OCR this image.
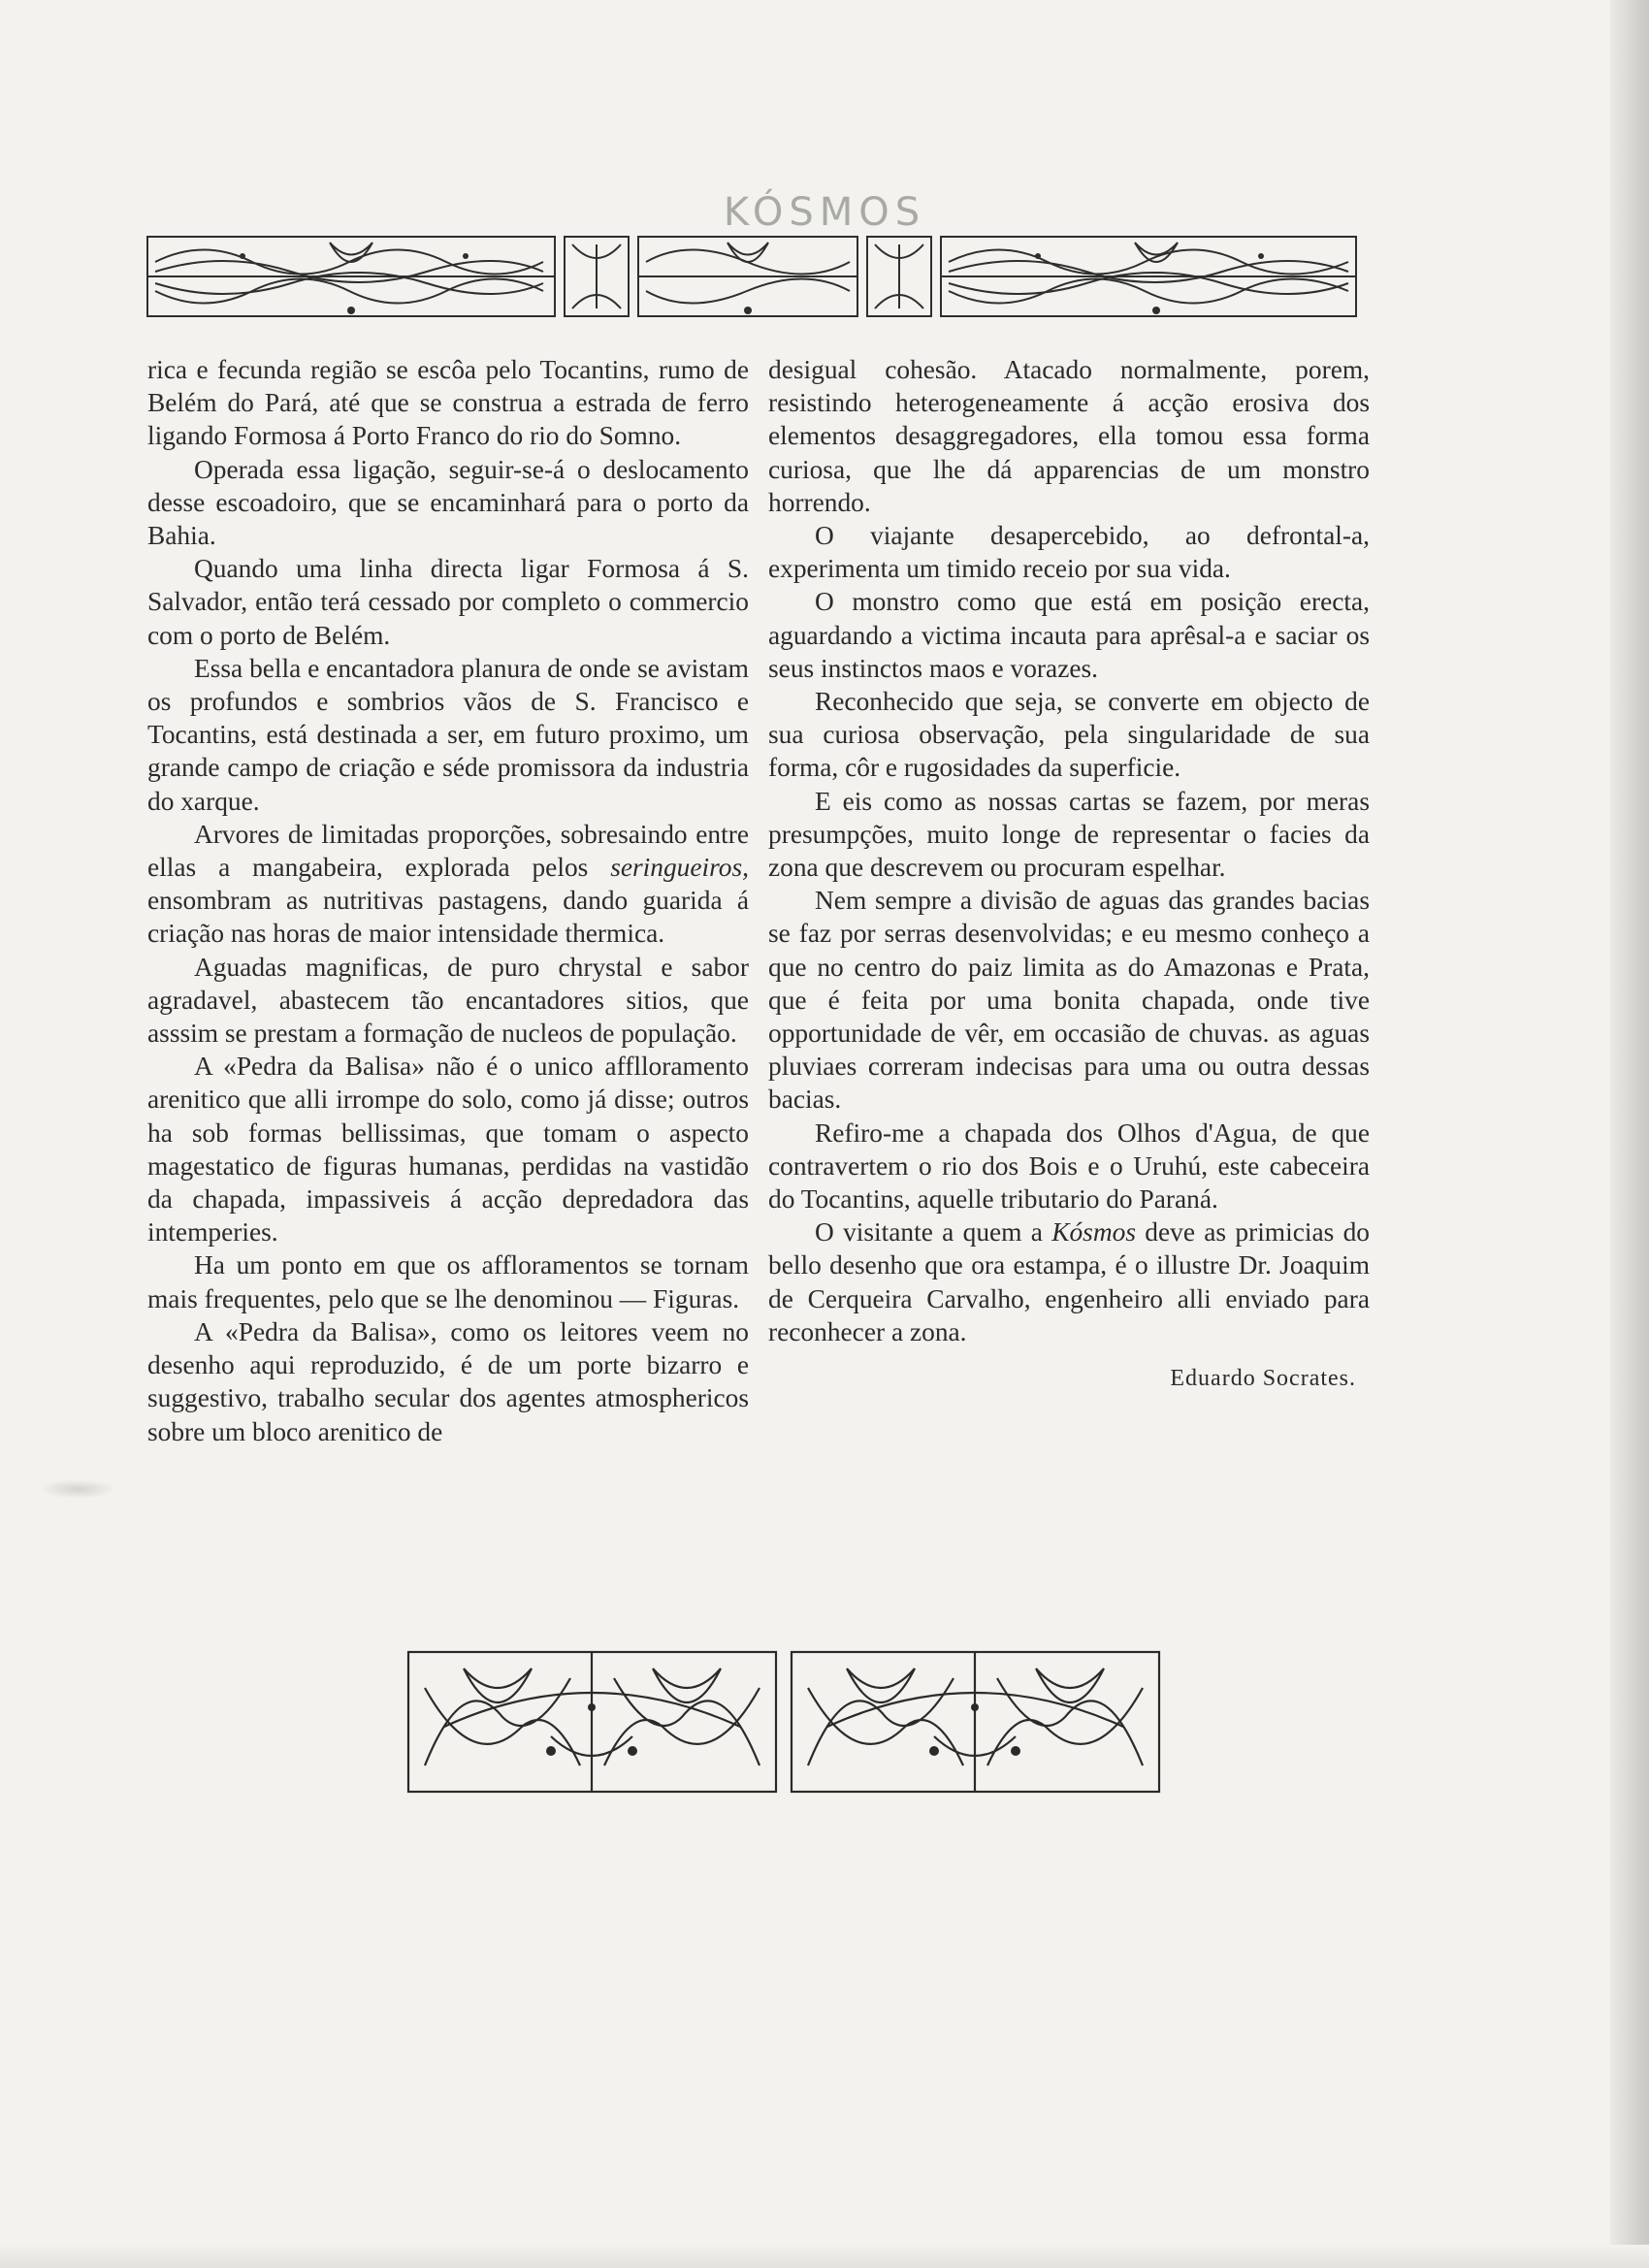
KÓSMOS

rica e fecunda região se escôa pelo Tocantins, rumo de Belém do Pará, até que se construa a estrada de ferro ligando Formosa á Porto Franco do rio do Somno.

Operada essa ligação, seguir-se-á o deslocamento desse escoadoiro, que se encaminhará para o porto da Bahia.

Quando uma linha directa ligar Formosa á S. Salvador, então terá cessado por completo o commercio com o porto de Belém.

Essa bella e encantadora planura de onde se avistam os profundos e sombrios vãos de S. Francisco e Tocantins, está destinada a ser, em futuro proximo, um grande campo de criação e séde promissora da industria do xarque.

Arvores de limitadas proporções, sobresaindo entre ellas a mangabeira, explorada pelos seringueiros, ensombram as nutritivas pastagens, dando guarida á criação nas horas de maior intensidade thermica.

Aguadas magnificas, de puro chrystal e sabor agradavel, abastecem tão encantadores sitios, que asssim se prestam a formação de nucleos de população.

A «Pedra da Balisa» não é o unico afflloramento arenitico que alli irrompe do solo, como já disse; outros ha sob formas bellissimas, que tomam o aspecto magestatico de figuras humanas, perdidas na vastidão da chapada, impassiveis á acção depredadora das intemperies.

Ha um ponto em que os affloramentos se tornam mais frequentes, pelo que se lhe denominou — Figuras.

A «Pedra da Balisa», como os leitores veem no desenho aqui reproduzido, é de um porte bizarro e suggestivo, trabalho secular dos agentes atmosphericos sobre um bloco arenitico de

desigual cohesão. Atacado normalmente, porem, resistindo heterogeneamente á acção erosiva dos elementos desaggregadores, ella tomou essa forma curiosa, que lhe dá apparencias de um monstro horrendo.

O viajante desapercebido, ao defrontal-a, experimenta um timido receio por sua vida.

O monstro como que está em posição erecta, aguardando a victima incauta para aprêsal-a e saciar os seus instinctos maos e vorazes.

Reconhecido que seja, se converte em objecto de sua curiosa observação, pela singularidade de sua forma, côr e rugosidades da superficie.

E eis como as nossas cartas se fazem, por meras presumpções, muito longe de representar o facies da zona que descrevem ou procuram espelhar.

Nem sempre a divisão de aguas das grandes bacias se faz por serras desenvolvidas; e eu mesmo conheço a que no centro do paiz limita as do Amazonas e Prata, que é feita por uma bonita chapada, onde tive opportunidade de vêr, em occasião de chuvas. as aguas pluviaes correram indecisas para uma ou outra dessas bacias.

Refiro-me a chapada dos Olhos d'Agua, de que contravertem o rio dos Bois e o Uruhú, este cabeceira do Tocantins, aquelle tributario do Paraná.

O visitante a quem a Kósmos deve as primicias do bello desenho que ora estampa, é o illustre Dr. Joaquim de Cerqueira Carvalho, engenheiro alli enviado para reconhecer a zona.

Eduardo Socrates.
